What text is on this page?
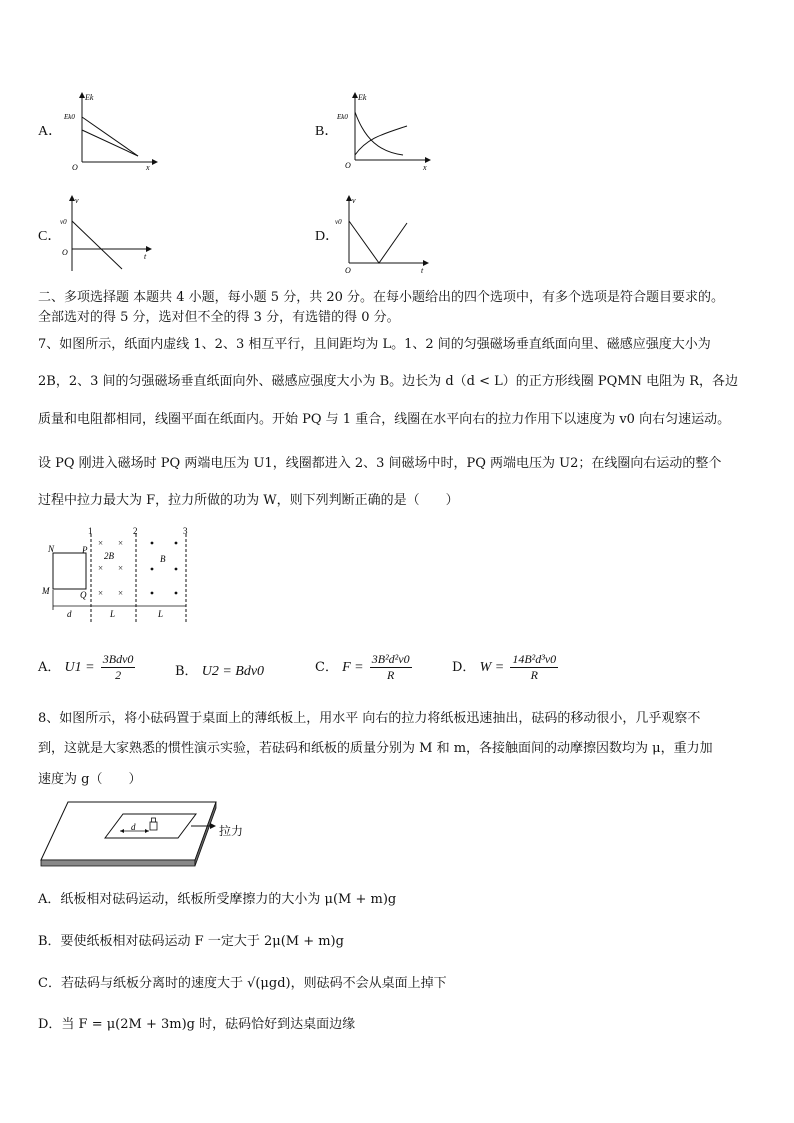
A．
Ek
Ek0
O	x
B．
Ek
Ek0
O	x
C．
v
v0
O	t
D．
v
v0
O	t
二、多项选择题 本题共 4 小题，每小题 5 分，共 20 分。在每小题给出的四个选项中，有多个选项是符合题目要求的。
全部选对的得 5 分，选对但不全的得 3 分，有选错的得 0 分。
7、如图所示，纸面内虚线 1、2、3 相互平行，且间距均为 L。1、2 间的匀强磁场垂直纸面向里、磁感应强度大小为
2B，2、3 间的匀强磁场垂直纸面向外、磁感应强度大小为 B。边长为 d（d < L）的正方形线圈 PQMN 电阻为 R，各边
质量和电阻都相同，线圈平面在纸面内。开始 PQ 与 1 重合，线圈在水平向右的拉力作用下以速度为 v0 向右匀速运动。
设 PQ 刚进入磁场时 PQ 两端电压为 U1，线圈都进入 2、3 间磁场中时，PQ 两端电压为 U2；在线圈向右运动的整个
过程中拉力最大为 F，拉力所做的功为 W，则下列判断正确的是（　　）
1	2	3
N	P
M	Q
× ×
× ×
× ×
2B	B
d	L	L
A． $U1 = \frac{\text{3Bdv0}}{2}$	B． U2 = Bdv0	C． $F = \frac{\text{3B²d²v0}}{R}$	D． $W = \frac{\text{14B²d³v0}}{R}$
8、如图所示，将小砝码置于桌面上的薄纸板上，用水平 向右的拉力将纸板迅速抽出，砝码的移动很小，几乎观察不
到，这就是大家熟悉的惯性演示实验，若砝码和纸板的质量分别为 M 和 m，各接触面间的动摩擦因数均为 μ，重力加
速度为 g（　　）
d	拉力
A．纸板相对砝码运动，纸板所受摩擦力的大小为 μ(M + m)g
B．要使纸板相对砝码运动 F 一定大于 2μ(M + m)g
C．若砝码与纸板分离时的速度大于 √(μgd)，则砝码不会从桌面上掉下
D．当 F = μ(2M + 3m)g 时，砝码恰好到达桌面边缘
